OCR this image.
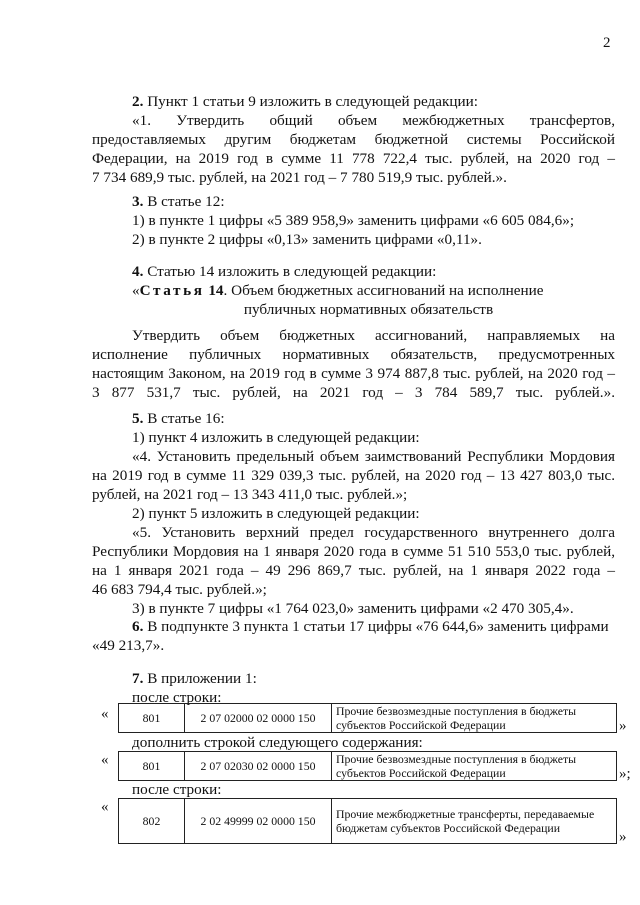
2
2. Пункт 1 статьи 9 изложить в следующей редакции:
«1. Утвердить общий объем межбюджетных трансфертов,
предоставляемых другим бюджетам бюджетной системы Российской
Федерации, на 2019 год в сумме 11 778 722,4 тыс. рублей, на 2020 год –
7 734 689,9 тыс. рублей, на 2021 год – 7 780 519,9 тыс. рублей.».
3. В статье 12:
1) в пункте 1 цифры «5 389 958,9» заменить цифрами «6 605 084,6»;
2) в пункте 2 цифры «0,13» заменить цифрами «0,11».
4. Статью 14 изложить в следующей редакции:
«Статья 14. Объем бюджетных ассигнований на исполнение
публичных нормативных обязательств
Утвердить объем бюджетных ассигнований, направляемых на
исполнение публичных нормативных обязательств, предусмотренных
настоящим Законом, на 2019 год в сумме 3 974 887,8 тыс. рублей, на 2020 год –
3 877 531,7 тыс. рублей, на 2021 год – 3 784 589,7 тыс. рублей.».
5. В статье 16:
1) пункт 4 изложить в следующей редакции:
«4. Установить предельный объем заимствований Республики Мордовия
на 2019 год в сумме 11 329 039,3 тыс. рублей, на 2020 год – 13 427 803,0 тыс.
рублей, на 2021 год – 13 343 411,0 тыс. рублей.»;
2) пункт 5 изложить в следующей редакции:
«5. Установить верхний предел государственного внутреннего долга
Республики Мордовия на 1 января 2020 года в сумме 51 510 553,0 тыс. рублей,
на 1 января 2021 года – 49 296 869,7 тыс. рублей, на 1 января 2022 года –
46 683 794,4 тыс. рублей.»;
3) в пункте 7 цифры «1 764 023,0» заменить цифрами «2 470 305,4».
6. В подпункте 3 пункта 1 статьи 17 цифры «76 644,6» заменить цифрами
«49 213,7».
7. В приложении 1:
после строки:
«	801	2 07 02000 02 0000 150	Прочие безвозмездные поступления в бюджеты субъектов Российской Федерации	»
дополнить строкой следующего содержания:
«	801	2 07 02030 02 0000 150	Прочие безвозмездные поступления в бюджеты субъектов Российской Федерации	»;
после строки:
«
802	2 02 49999 02 0000 150	Прочие межбюджетные трансферты, передаваемые бюджетам субъектов Российской Федерации
»
